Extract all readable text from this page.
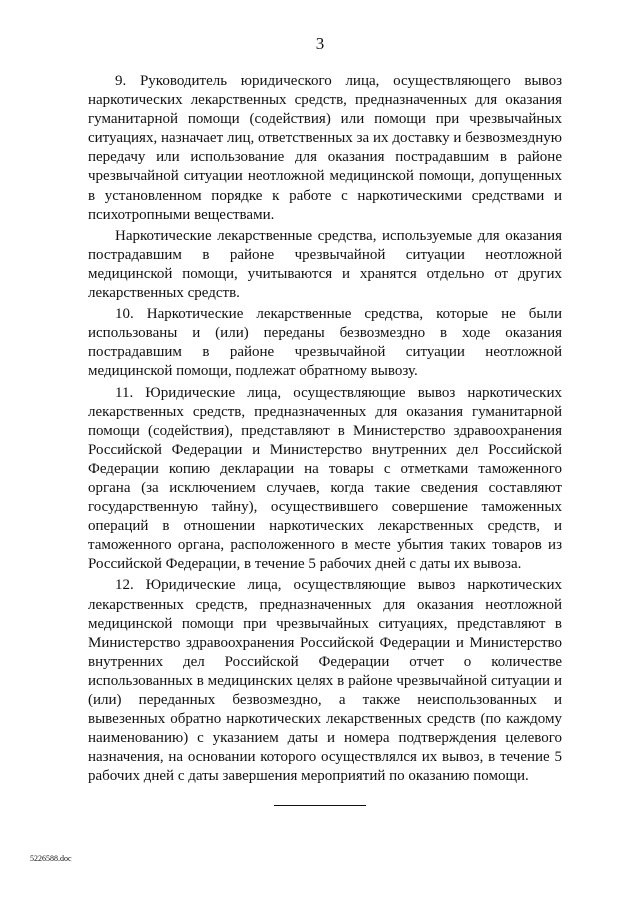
3

9. Руководитель юридического лица, осуществляющего вывоз наркотических лекарственных средств, предназначенных для оказания гуманитарной помощи (содействия) или помощи при чрезвычайных ситуациях, назначает лиц, ответственных за их доставку и безвозмездную передачу или использование для оказания пострадавшим в районе чрезвычайной ситуации неотложной медицинской помощи, допущенных в установленном порядке к работе с наркотическими средствами и психотропными веществами.

Наркотические лекарственные средства, используемые для оказания пострадавшим в районе чрезвычайной ситуации неотложной медицинской помощи, учитываются и хранятся отдельно от других лекарственных средств.

10. Наркотические лекарственные средства, которые не были использованы и (или) переданы безвозмездно в ходе оказания пострадавшим в районе чрезвычайной ситуации неотложной медицинской помощи, подлежат обратному вывозу.

11. Юридические лица, осуществляющие вывоз наркотических лекарственных средств, предназначенных для оказания гуманитарной помощи (содействия), представляют в Министерство здравоохранения Российской Федерации и Министерство внутренних дел Российской Федерации копию декларации на товары с отметками таможенного органа (за исключением случаев, когда такие сведения составляют государственную тайну), осуществившего совершение таможенных операций в отношении наркотических лекарственных средств, и таможенного органа, расположенного в месте убытия таких товаров из Российской Федерации, в течение 5 рабочих дней с даты их вывоза.

12. Юридические лица, осуществляющие вывоз наркотических лекарственных средств, предназначенных для оказания неотложной медицинской помощи при чрезвычайных ситуациях, представляют в Министерство здравоохранения Российской Федерации и Министерство внутренних дел Российской Федерации отчет о количестве использованных в медицинских целях в районе чрезвычайной ситуации и (или) переданных безвозмездно, а также неиспользованных и вывезенных обратно наркотических лекарственных средств (по каждому наименованию) с указанием даты и номера подтверждения целевого назначения, на основании которого осуществлялся их вывоз, в течение 5 рабочих дней с даты завершения мероприятий по оказанию помощи.

5226588.doc
